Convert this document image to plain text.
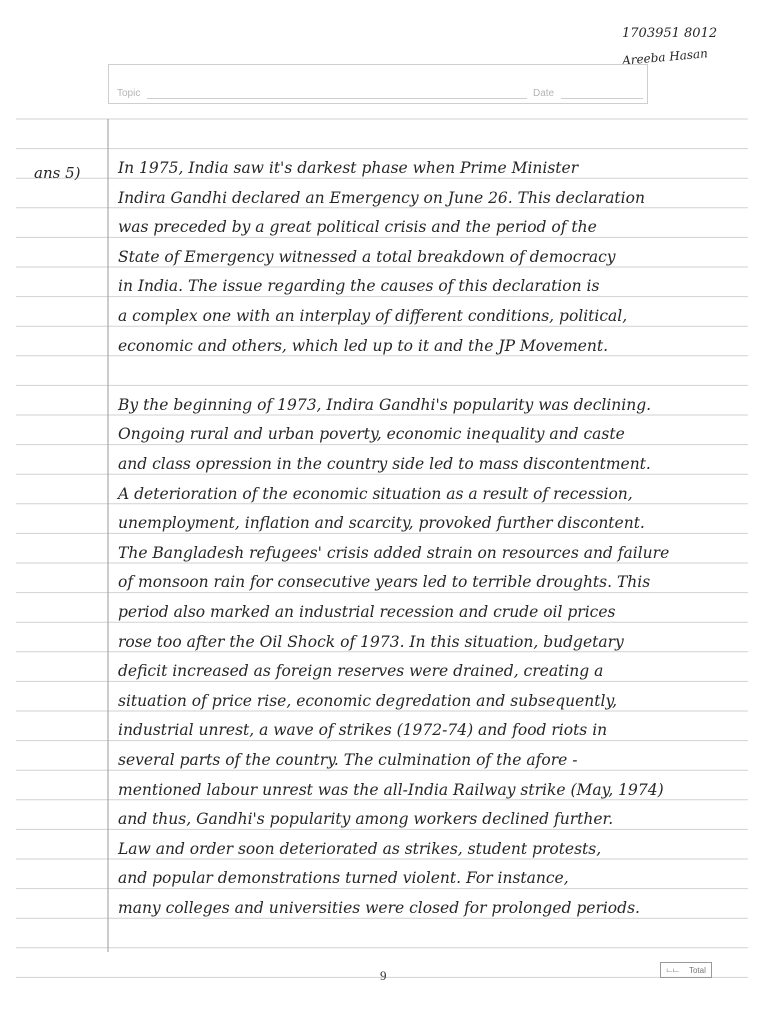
1703951 8012
Areeba Hasan
Topic	Date
ans 5) In 1975, India saw it's darkest phase when Prime Minister
Indira Gandhi declared an Emergency on June 26. This declaration
was preceded by a great political crisis and the period of the
State of Emergency witnessed a total breakdown of democracy
in India. The issue regarding the causes of this declaration is
a complex one with an interplay of different conditions, political,
economic and others, which led up to it and the JP Movement.
By the beginning of 1973, Indira Gandhi's popularity was declining.
Ongoing rural and urban poverty, economic inequality and caste
and class opression in the country side led to mass discontentment.
A deterioration of the economic situation as a result of recession,
unemployment, inflation and scarcity, provoked further discontent.
The Bangladesh refugees' crisis added strain on resources and failure
of monsoon rain for consecutive years led to terrible droughts. This
period also marked an industrial recession and crude oil prices
rose too after the Oil Shock of 1973. In this situation, budgetary
deficit increased as foreign reserves were drained, creating a
situation of price rise, economic degredation and subsequently,
industrial unrest, a wave of strikes (1972-74) and food riots in
several parts of the country. The culmination of the afore -
mentioned labour unrest was the all-India Railway strike (May, 1974)
and thus, Gandhi's popularity among workers declined further.
Law and order soon deteriorated as strikes, student protests,
and popular demonstrations turned violent. For instance,
many colleges and universities were closed for prolonged periods.
9	டட Total
